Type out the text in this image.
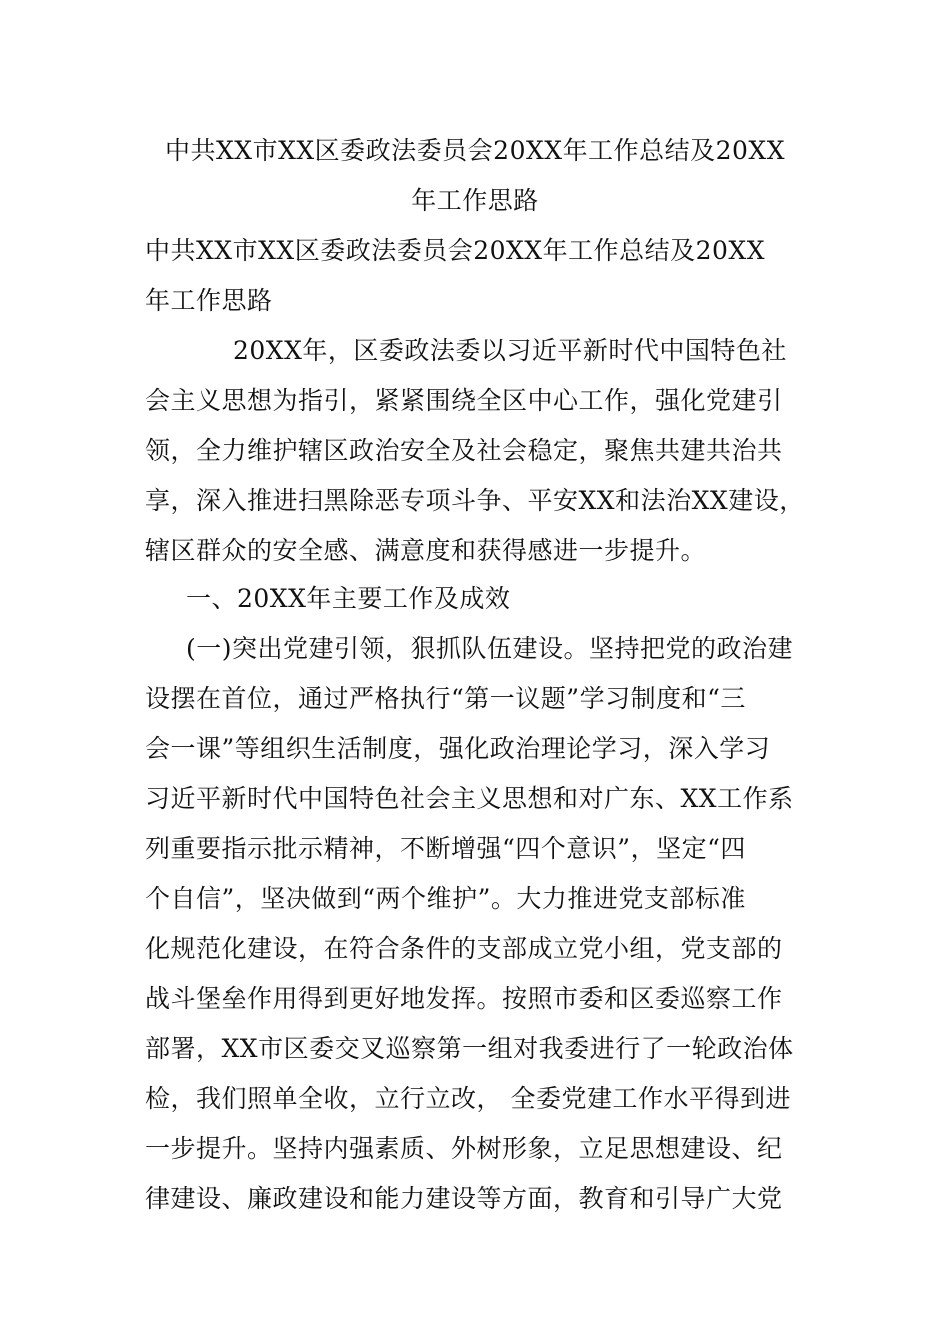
中共XX市XX区委政法委员会20XX年工作总结及20XX
年工作思路
中共XX市XX区委政法委员会20XX年工作总结及20XX
年工作思路
20XX年，区委政法委以习近平新时代中国特色社
会主义思想为指引，紧紧围绕全区中心工作，强化党建引
领，全力维护辖区政治安全及社会稳定，聚焦共建共治共
享，深入推进扫黑除恶专项斗争、平安XX和法治XX建设，
辖区群众的安全感、满意度和获得感进一步提升。
一、20XX年主要工作及成效
(一)突出党建引领，狠抓队伍建设。坚持把党的政治建
设摆在首位，通过严格执行“第一议题”学习制度和“三
会一课”等组织生活制度，强化政治理论学习，深入学习
习近平新时代中国特色社会主义思想和对广东、XX工作系
列重要指示批示精神，不断增强“四个意识”，坚定“四
个自信”，坚决做到“两个维护”。大力推进党支部标准
化规范化建设，在符合条件的支部成立党小组，党支部的
战斗堡垒作用得到更好地发挥。按照市委和区委巡察工作
部署，XX市区委交叉巡察第一组对我委进行了一轮政治体
检，我们照单全收，立行立改， 全委党建工作水平得到进
一步提升。坚持内强素质、外树形象，立足思想建设、纪
律建设、廉政建设和能力建设等方面，教育和引导广大党
